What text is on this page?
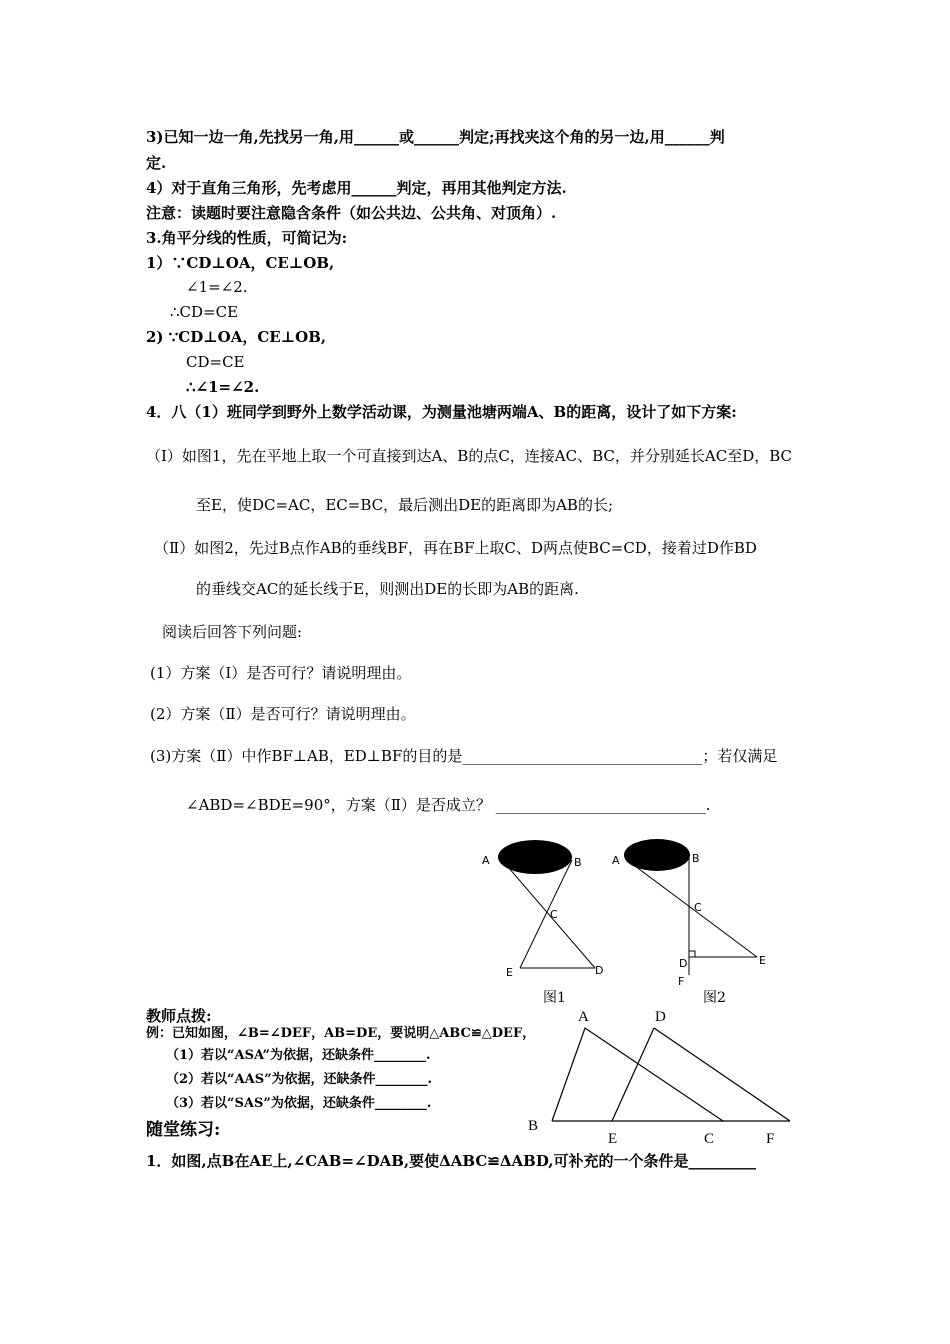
3)已知一边一角,先找另一角,用______或______判定;再找夹这个角的另一边,用______判
定.
4）对于直角三角形，先考虑用______判定，再用其他判定方法.
注意：读题时要注意隐含条件（如公共边、公共角、对顶角）.
3.角平分线的性质，可简记为:
1）∵CD⊥OA，CE⊥OB,
∠1=∠2.
∴CD=CE
2) ∵CD⊥OA，CE⊥OB,
CD=CE
∴∠1=∠2.
4．八（1）班同学到野外上数学活动课，为测量池塘两端A、B的距离，设计了如下方案:
（Ⅰ）如图1，先在平地上取一个可直接到达A、B的点C，连接AC、BC，并分别延长AC至D，BC
至E，使DC=AC，EC=BC，最后测出DE的距离即为AB的长;
（Ⅱ）如图2，先过B点作AB的垂线BF，再在BF上取C、D两点使BC=CD，接着过D作BD
的垂线交AC的延长线于E，则测出DE的长即为AB的距离.
阅读后回答下列问题:
(1）方案（Ⅰ）是否可行？请说明理由。
(2）方案（Ⅱ）是否可行？请说明理由。
(3)方案（Ⅱ）中作BF⊥AB，ED⊥BF的目的是________________________________；若仅满足
∠ABD=∠BDE=90°，方案（Ⅱ）是否成立？ ____________________________.
A	B
C
E	D
图1
A	B
C
D	E
F
图2
教师点拨:
例：已知如图，∠B=∠DEF，AB=DE，要说明△ABC≌△DEF，
（1）若以“ASA”为依据，还缺条件________.
（2）若以“AAS”为依据，还缺条件________.
（3）若以“SAS”为依据，还缺条件________.
A	D
B
E	C	F
随堂练习:
1．如图,点B在AE上,∠CAB=∠DAB,要使ΔABC≌ΔABD,可补充的一个条件是_________
